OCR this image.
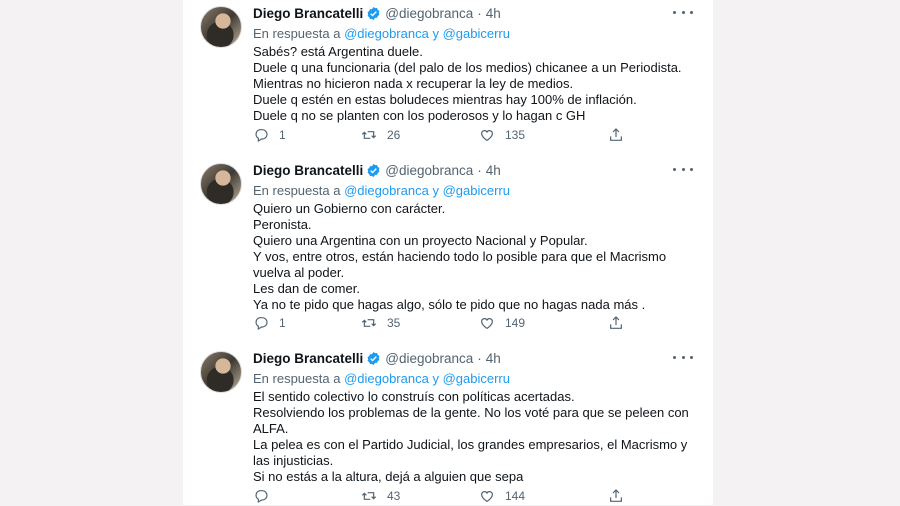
Diego Brancatelli @diegobranca · 4h
En respuesta a @diegobranca y @gabicerru
Sabés? está Argentina duele.
Duele q una funcionaria (del palo de los medios) chicanee a un Periodista.
Mientras no hicieron nada x recuperar la ley de medios.
Duele q estén en estas boludeces mientras hay 100% de inflación.
Duele q no se planten con los poderosos y lo hagan c GH
1	26	135
Diego Brancatelli @diegobranca · 4h
En respuesta a @diegobranca y @gabicerru
Quiero un Gobierno con carácter.
Peronista.
Quiero una Argentina con un proyecto Nacional y Popular.
Y vos, entre otros, están haciendo todo lo posible para que el Macrismo
vuelva al poder.
Les dan de comer.
Ya no te pido que hagas algo, sólo te pido que no hagas nada más .
1	35	149
Diego Brancatelli @diegobranca · 4h
En respuesta a @diegobranca y @gabicerru
El sentido colectivo lo construís con políticas acertadas.
Resolviendo los problemas de la gente. No los voté para que se peleen con
ALFA.
La pelea es con el Partido Judicial, los grandes empresarios, el Macrismo y
las injusticias.
Si no estás a la altura, dejá a alguien que sepa
43	144
